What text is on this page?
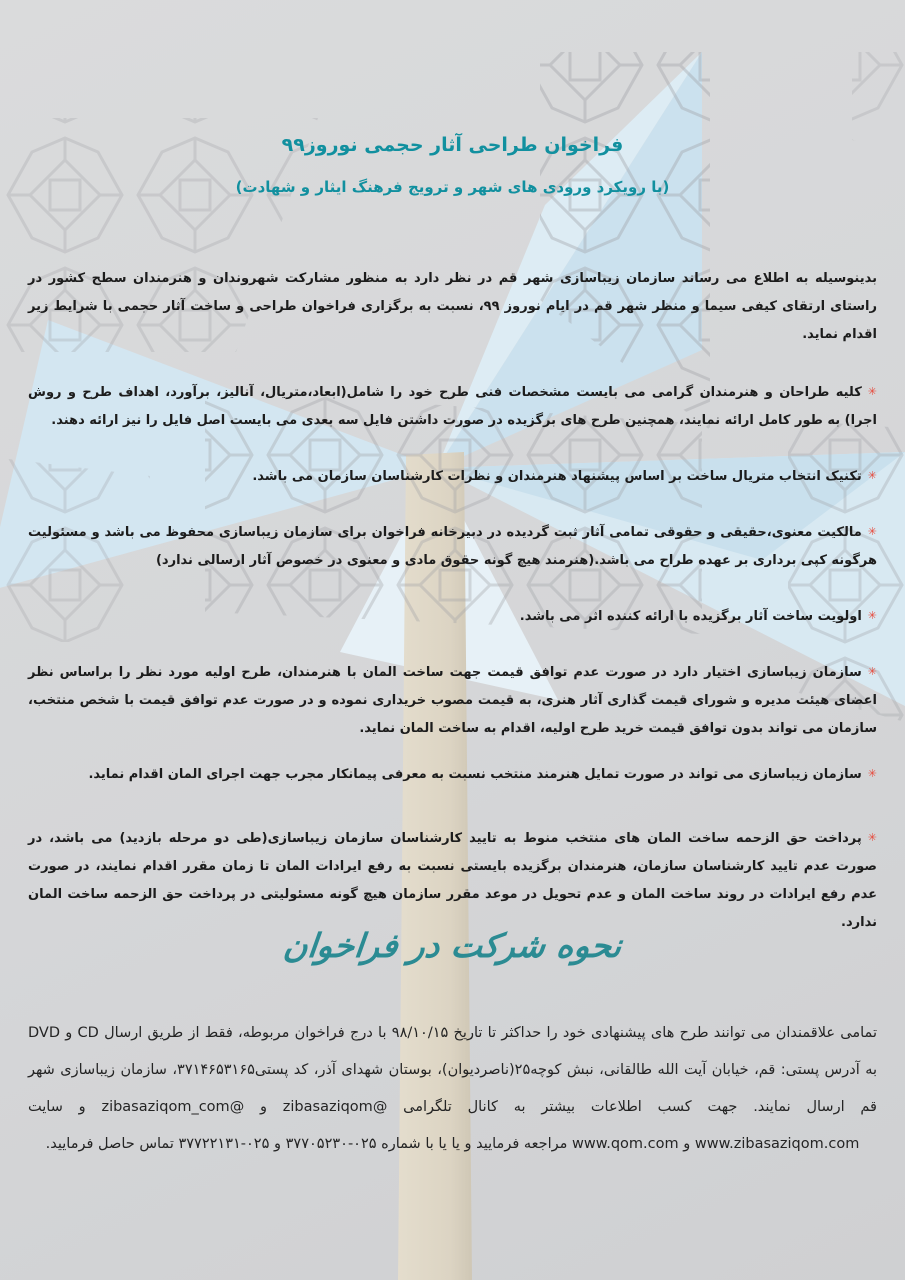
فراخوان طراحی آثار حجمی نوروز۹۹
(با رویکرد ورودی های شهر و ترویج فرهنگ ایثار و شهادت)

بدینوسیله به اطلاع می رساند سازمان زیباسازی شهر قم در نظر دارد به منظور مشارکت شهروندان و هنرمندان سطح کشور در راستای ارتقای کیفی سیما و منظر شهر قم در ایام نوروز ۹۹، نسبت به برگزاری فراخوان طراحی و ساخت آثار حجمی با شرایط زیر اقدام نماید.

✳کلیه طراحان و هنرمندان گرامی می بایست مشخصات فنی طرح خود را شامل(ابعاد،متریال، آنالیز، برآورد، اهداف طرح و روش اجرا) به طور کامل ارائه نمایند، همچنین طرح های برگزیده در صورت داشتن فایل سه بعدی می بایست اصل فایل را نیز ارائه دهند.

✳تکنیک انتخاب متریال ساخت بر اساس پیشنهاد هنرمندان و نظرات کارشناسان سازمان می باشد.

✳مالکیت معنوی،حقیقی و حقوقی تمامی آثار ثبت گردیده در دبیرخانه فراخوان برای سازمان زیباسازی محفوظ می باشد و مسئولیت هرگونه کپی برداری بر عهده طراح می باشد.(هنرمند هیچ گونه حقوق مادی و معنوی در خصوص آثار ارسالی ندارد)

✳اولویت ساخت آثار برگزیده با ارائه کننده اثر می باشد.

✳سازمان زیباسازی اختیار دارد در صورت عدم توافق قیمت جهت ساخت المان با هنرمندان، طرح اولیه مورد نظر را براساس نظر اعضای هیئت مدیره و شورای قیمت گذاری آثار هنری، به قیمت مصوب خریداری نموده و در صورت عدم توافق قیمت با شخص منتخب، سازمان می تواند بدون توافق قیمت خرید طرح اولیه، اقدام به ساخت المان نماید.

✳سازمان زیباسازی می تواند در صورت تمایل هنرمند منتخب نسبت به معرفی پیمانکار مجرب جهت اجرای المان اقدام نماید.

✳پرداخت حق الزحمه ساخت المان های منتخب منوط به تایید کارشناسان سازمان زیباسازی(طی دو مرحله بازدید) می باشد، در صورت عدم تایید کارشناسان سازمان، هنرمندان برگزیده بایستی نسبت به رفع ایرادات المان تا زمان مقرر اقدام نمایند، در صورت عدم رفع ایرادات در روند ساخت المان و عدم تحویل در موعد مقرر سازمان هیچ گونه مسئولیتی در پرداخت حق الزحمه ساخت المان ندارد.

نحوه شرکت در فراخوان

تمامی علاقمندان می توانند طرح های پیشنهادی خود را حداکثر تا تاریخ ۹۸/۱۰/۱۵ با درج فراخوان مربوطه، فقط از طریق ارسال CD و DVD به آدرس پستی: قم، خیابان آیت الله طالقانی، نبش کوچه۲۵(ناصردیوان)، بوستان شهدای آذر، کد پستی۳۷۱۴۶۵۳۱۶۵، سازمان زیباسازی شهر قم ارسال نمایند. جهت کسب اطلاعات بیشتر به کانال تلگرامی @zibasaziqom و @zibasaziqom_com و سایت www.zibasaziqom.com و www.qom.com مراجعه فرمایید و یا یا با شماره ۰۲۵-۳۷۷۰۵۲۳۰ و ۰۲۵-۳۷۷۲۲۱۳۱ تماس حاصل فرمایید.
